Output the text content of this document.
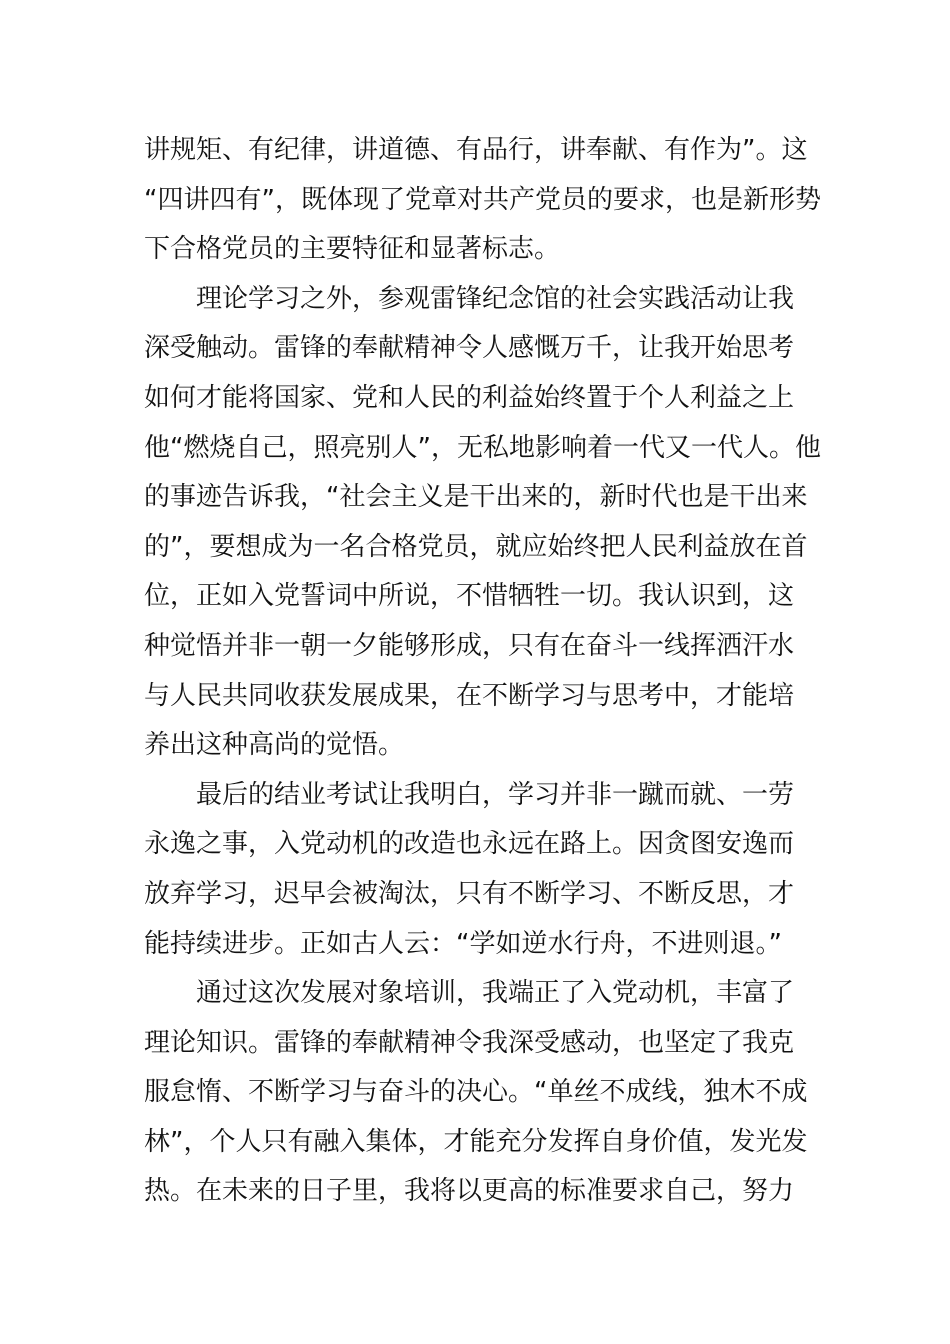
讲规矩、有纪律，讲道德、有品行，讲奉献、有作为”。这
“四讲四有”，既体现了党章对共产党员的要求，也是新形势
下合格党员的主要特征和显著标志。
理论学习之外，参观雷锋纪念馆的社会实践活动让我
深受触动。雷锋的奉献精神令人感慨万千，让我开始思考
如何才能将国家、党和人民的利益始终置于个人利益之上
他“燃烧自己，照亮别人”，无私地影响着一代又一代人。他
的事迹告诉我，“社会主义是干出来的，新时代也是干出来
的”，要想成为一名合格党员，就应始终把人民利益放在首
位，正如入党誓词中所说，不惜牺牲一切。我认识到，这
种觉悟并非一朝一夕能够形成，只有在奋斗一线挥洒汗水
与人民共同收获发展成果，在不断学习与思考中，才能培
养出这种高尚的觉悟。
最后的结业考试让我明白，学习并非一蹴而就、一劳
永逸之事，入党动机的改造也永远在路上。因贪图安逸而
放弃学习，迟早会被淘汰，只有不断学习、不断反思，才
能持续进步。正如古人云：“学如逆水行舟，不进则退。”
通过这次发展对象培训，我端正了入党动机，丰富了
理论知识。雷锋的奉献精神令我深受感动，也坚定了我克
服怠惰、不断学习与奋斗的决心。“单丝不成线，独木不成
林”，个人只有融入集体，才能充分发挥自身价值，发光发
热。在未来的日子里，我将以更高的标准要求自己，努力
